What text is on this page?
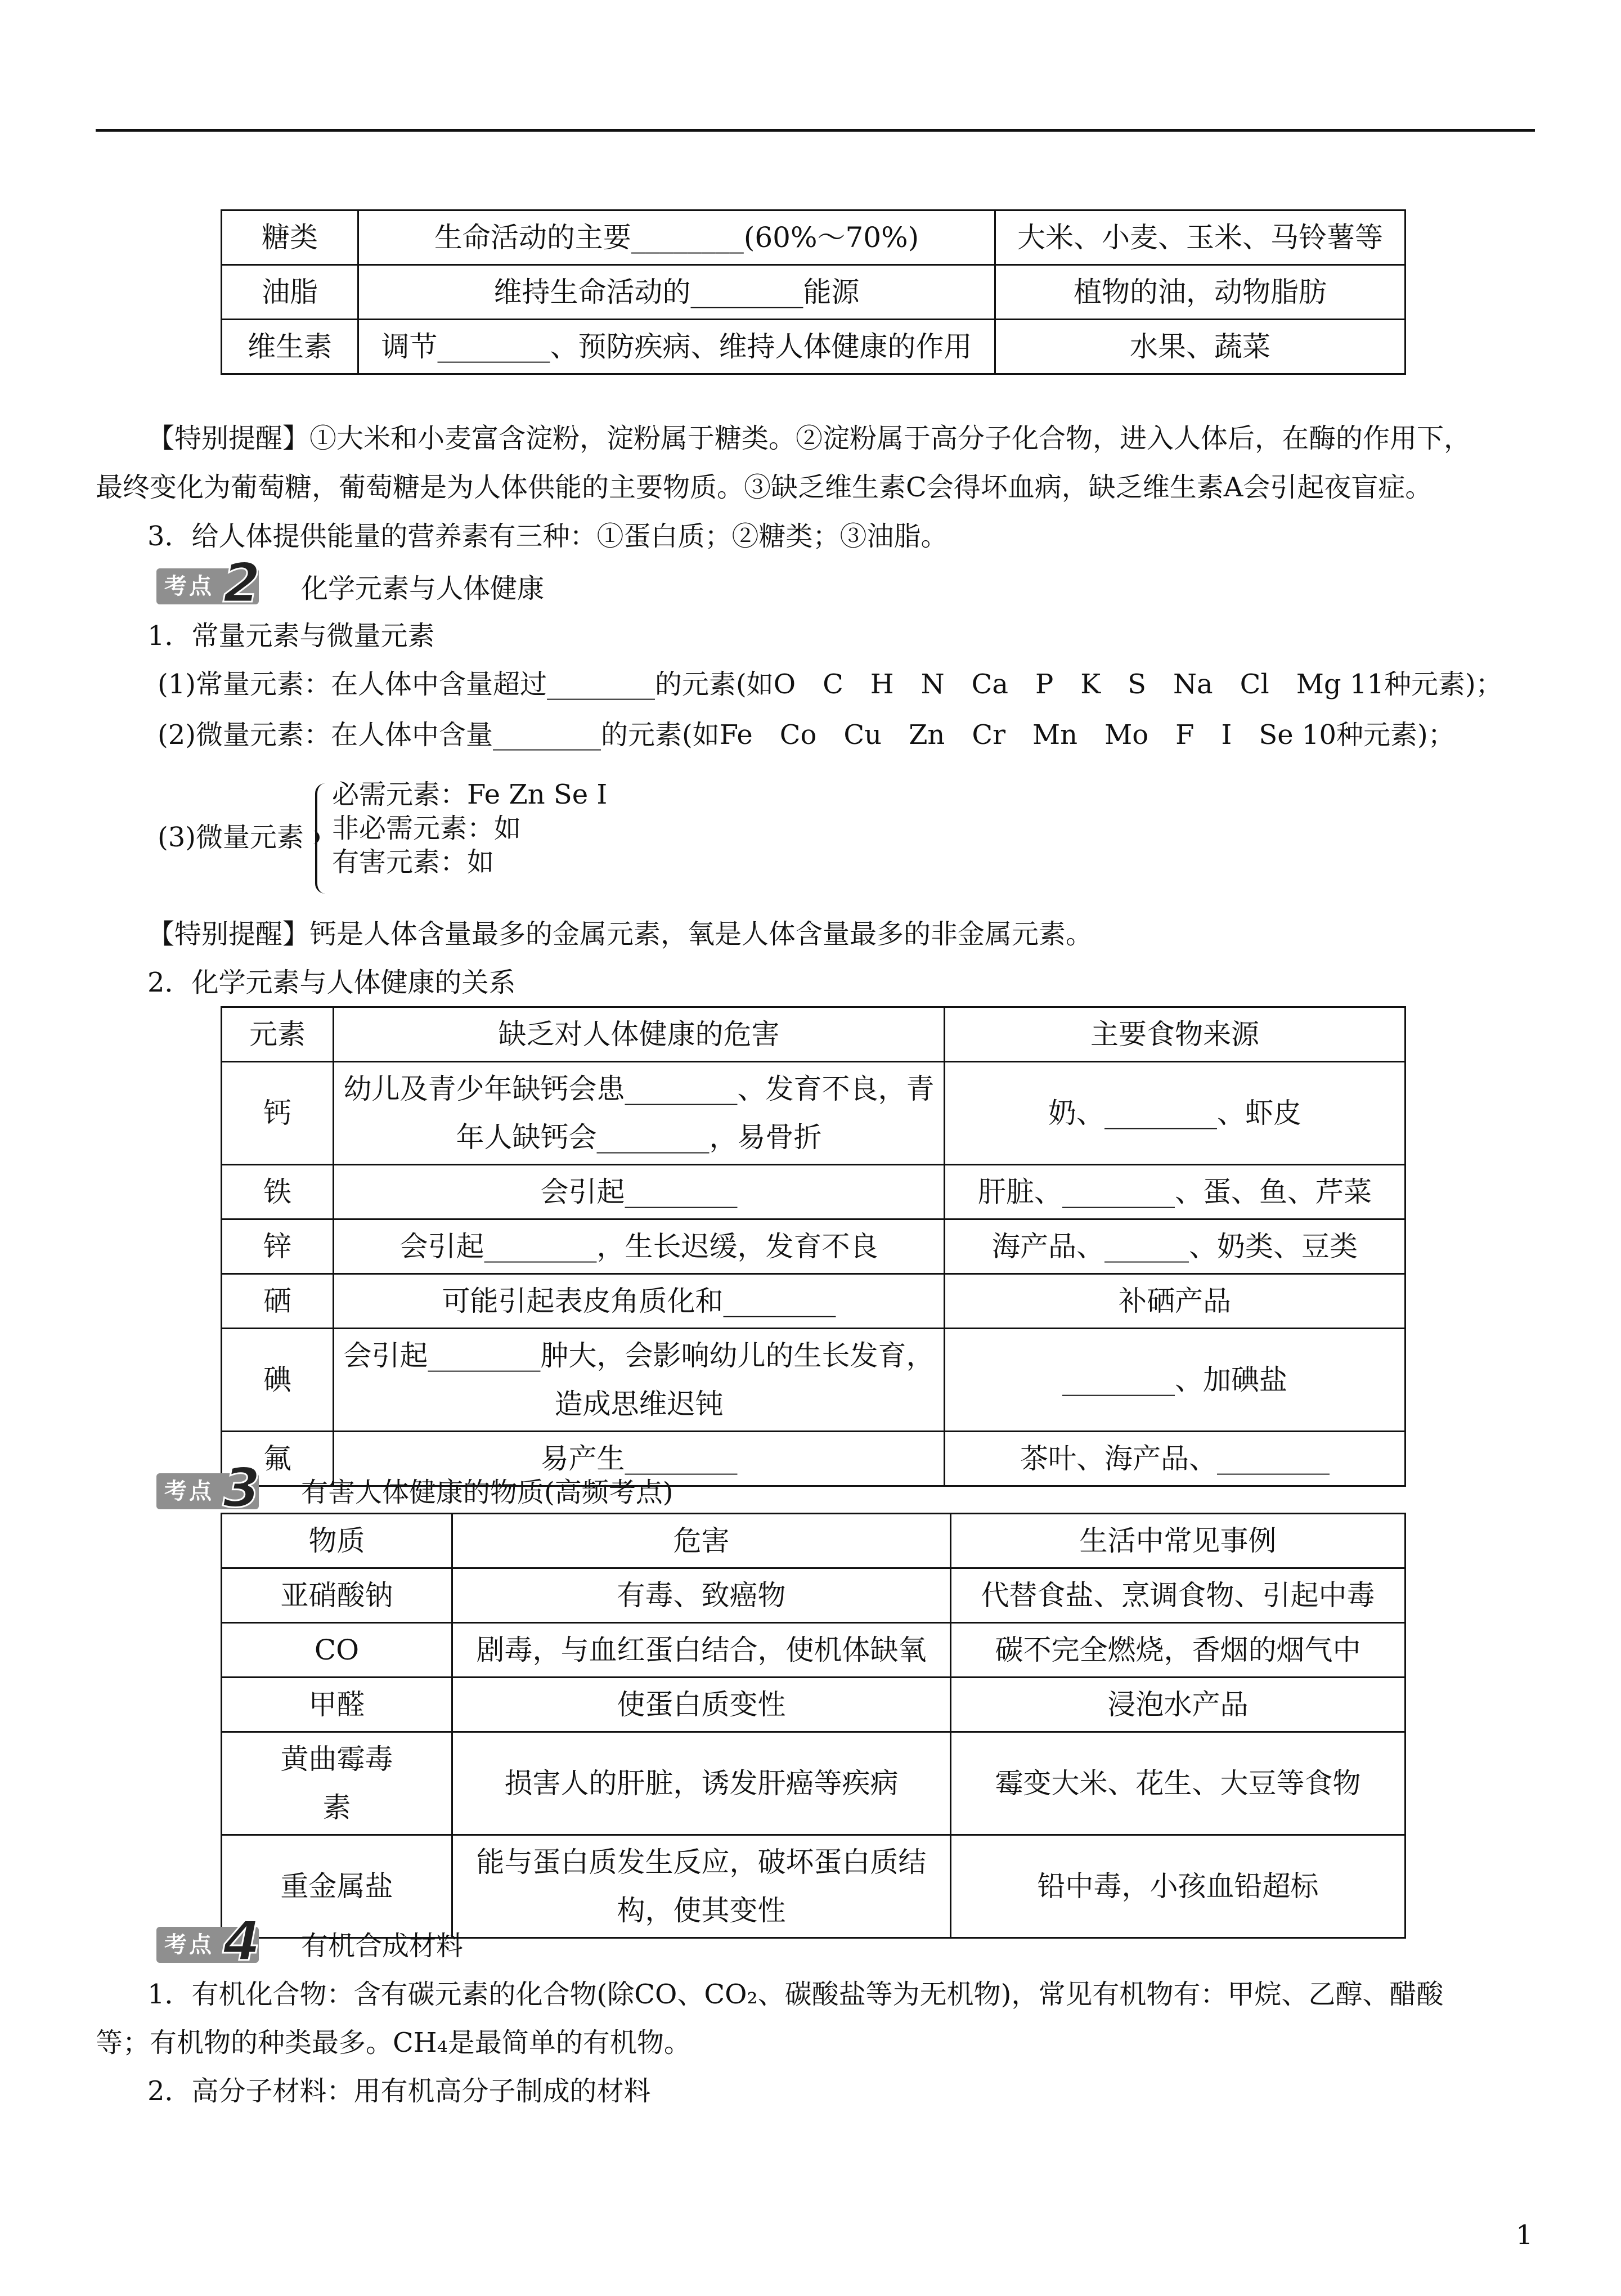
糖类	生命活动的主要________(60%～70%)	大米、小麦、玉米、马铃薯等
油脂	维持生命活动的________能源	植物的油，动物脂肪
维生素	调节________、预防疾病、维持人体健康的作用	水果、蔬菜
【特别提醒】①大米和小麦富含淀粉，淀粉属于糖类。②淀粉属于高分子化合物，进入人体后，在酶的作用下，
最终变化为葡萄糖，葡萄糖是为人体供能的主要物质。③缺乏维生素C会得坏血病，缺乏维生素A会引起夜盲症。
3．给人体提供能量的营养素有三种：①蛋白质；②糖类；③油脂。
考点 2 化学元素与人体健康
1．常量元素与微量元素
(1)常量元素：在人体中含量超过________的元素(如O　C　H　N　Ca　P　K　S　Na　Cl　Mg 11种元素)；
(2)微量元素：在人体中含量________的元素(如Fe　Co　Cu　Zn　Cr　Mn　Mo　F　I　Se 10种元素)；
(3)微量元素
必需元素：Fe Zn Se I
非必需元素：如
有害元素：如
【特别提醒】钙是人体含量最多的金属元素，氧是人体含量最多的非金属元素。
2．化学元素与人体健康的关系
元素	缺乏对人体健康的危害	主要食物来源
钙	幼儿及青少年缺钙会患________、发育不良，青年人缺钙会________，易骨折	奶、________、虾皮
铁	会引起________	肝脏、________、蛋、鱼、芹菜
锌	会引起________，生长迟缓，发育不良	海产品、______、奶类、豆类
硒	可能引起表皮角质化和________	补硒产品
碘	会引起________肿大，会影响幼儿的生长发育，造成思维迟钝	________、加碘盐
氟	易产生________	茶叶、海产品、________
考点 3 有害人体健康的物质(高频考点)
物质	危害	生活中常见事例
亚硝酸钠	有毒、致癌物	代替食盐、烹调食物、引起中毒
CO	剧毒，与血红蛋白结合，使机体缺氧	碳不完全燃烧，香烟的烟气中
甲醛	使蛋白质变性	浸泡水产品
黄曲霉毒素	损害人的肝脏，诱发肝癌等疾病	霉变大米、花生、大豆等食物
重金属盐	能与蛋白质发生反应，破坏蛋白质结构，使其变性	铅中毒，小孩血铅超标
考点 4 有机合成材料
1．有机化合物：含有碳元素的化合物(除CO、CO₂、碳酸盐等为无机物)，常见有机物有：甲烷、乙醇、醋酸
等；有机物的种类最多。CH₄是最简单的有机物。
2．高分子材料：用有机高分子制成的材料
1
